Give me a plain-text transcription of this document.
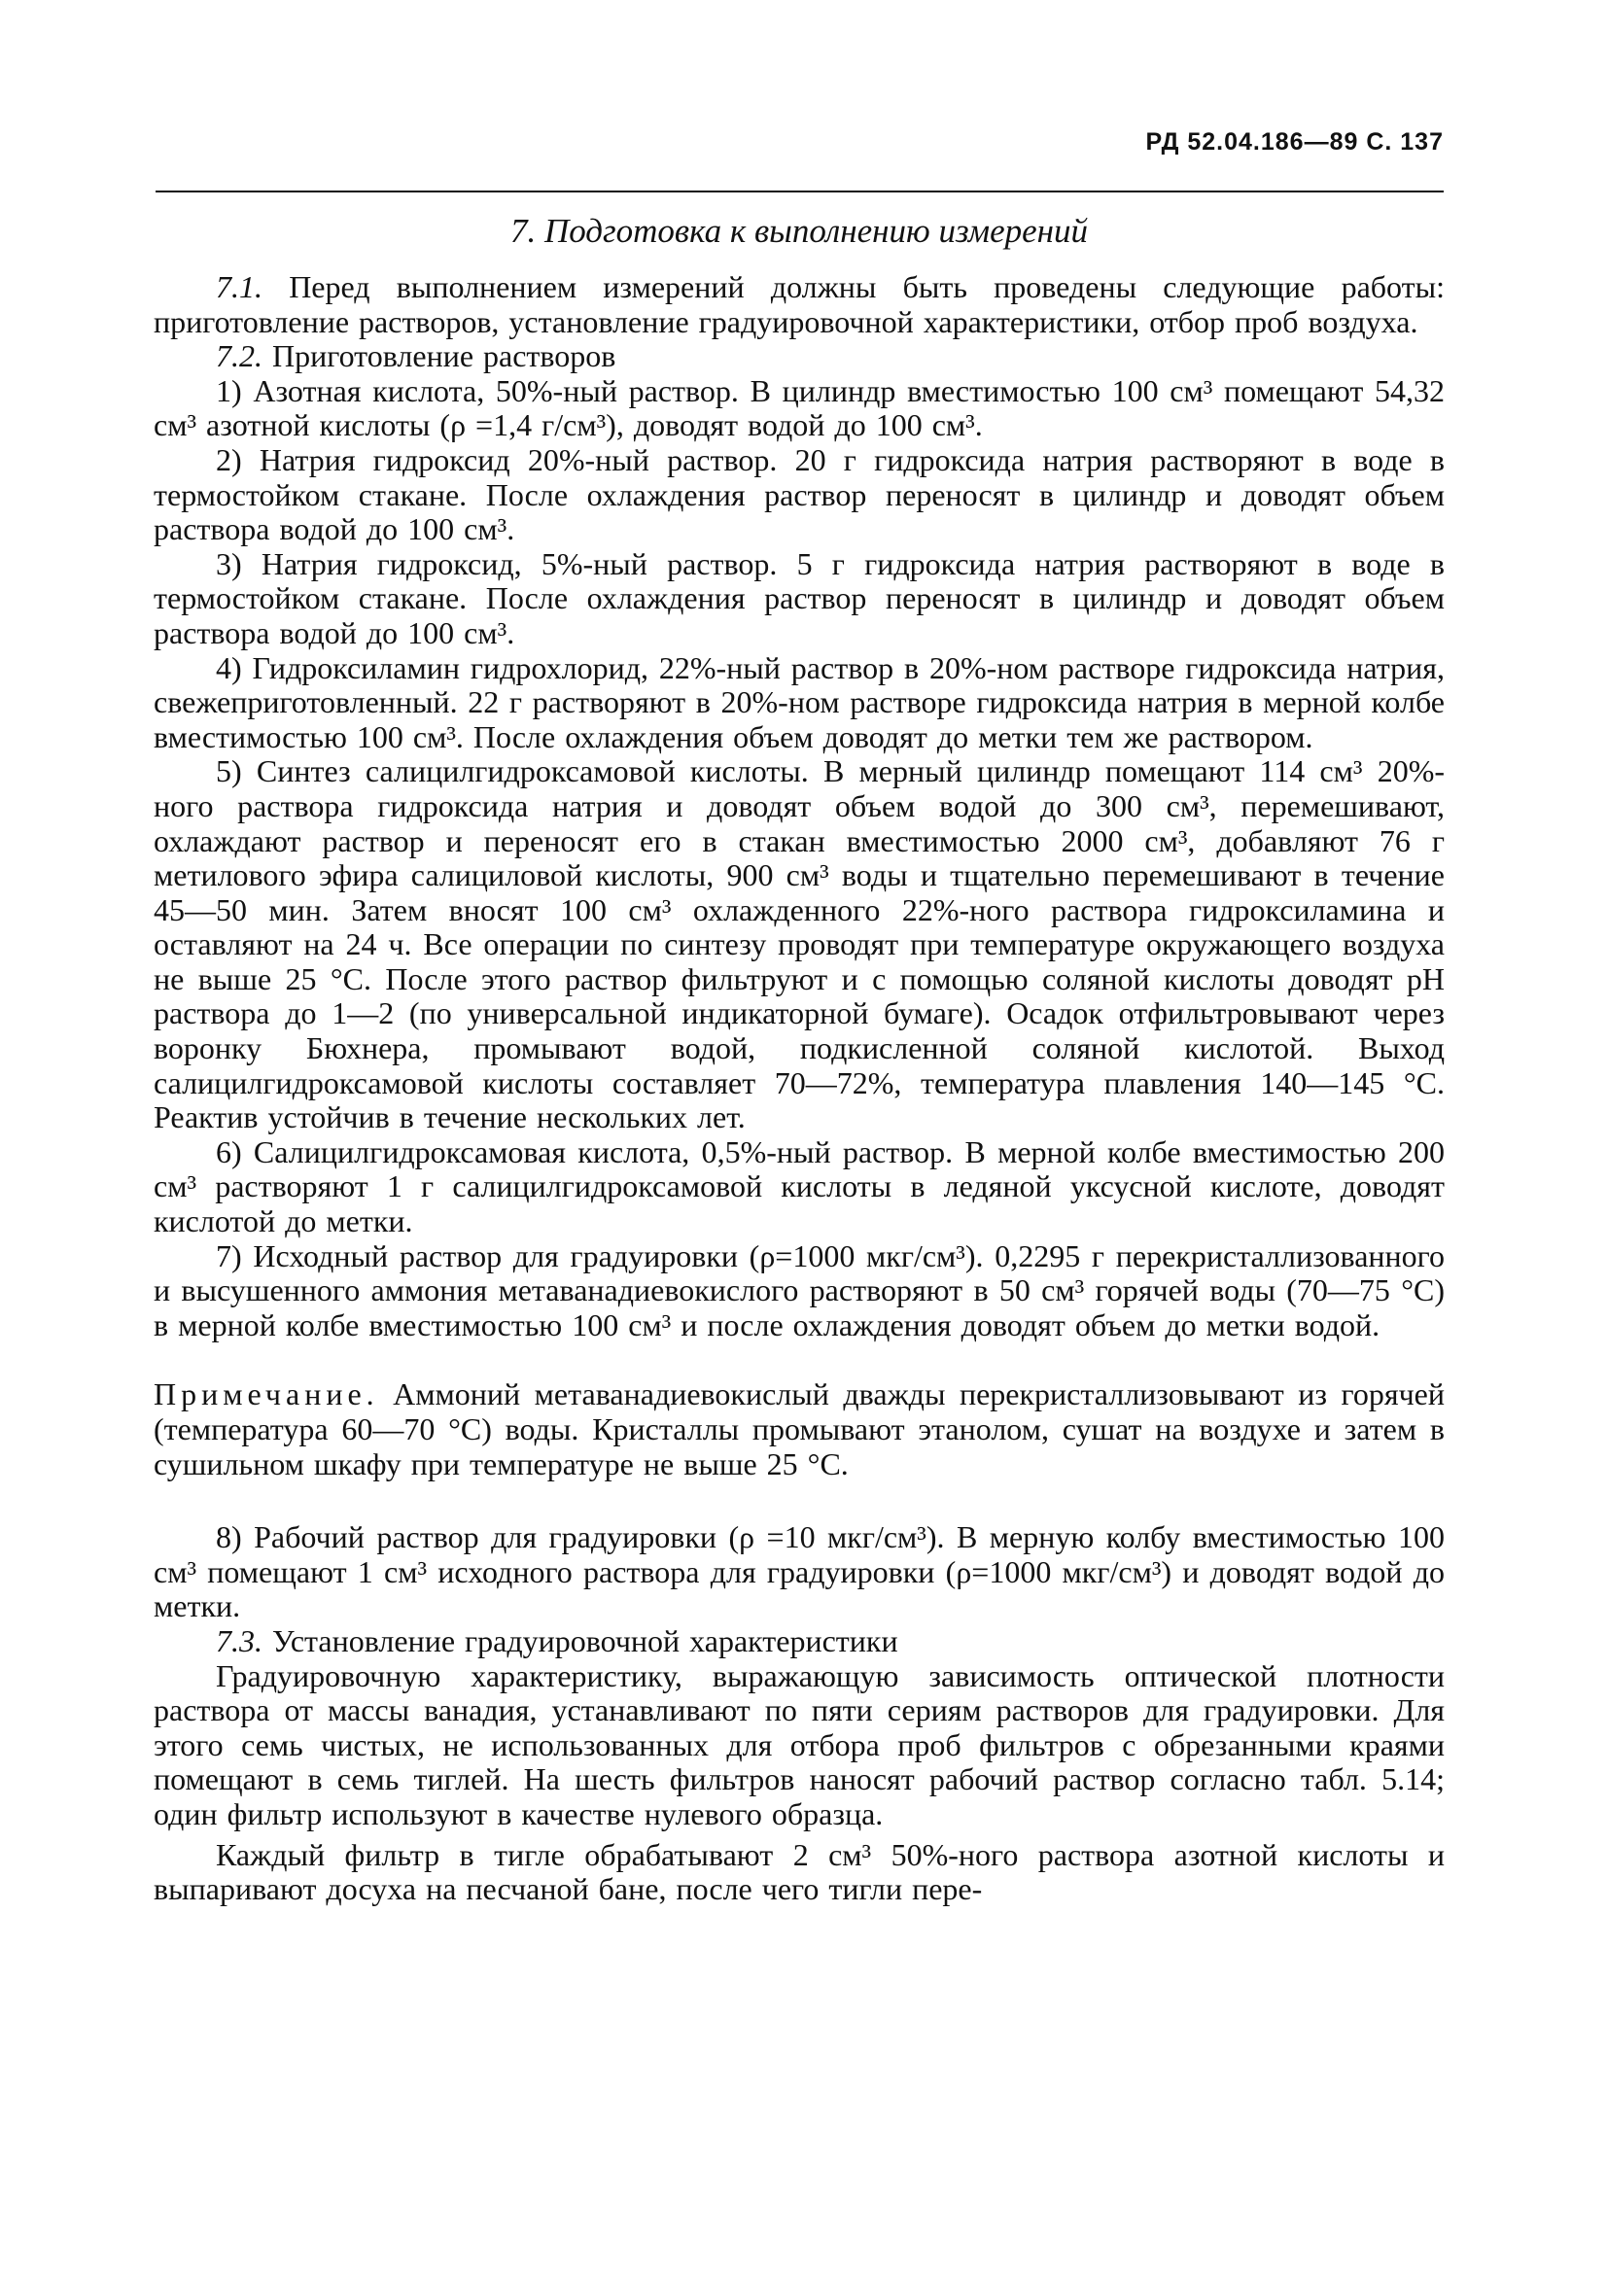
РД 52.04.186—89 С. 137
7. Подготовка к выполнению измерений

7.1. Перед выполнением измерений должны быть проведены следующие работы: приготовление растворов, установление градуировочной характеристики, отбор проб воздуха.

7.2. Приготовление растворов

1) Азотная кислота, 50%-ный раствор. В цилиндр вместимостью 100 см³ помещают 54,32 см³ азотной кислоты (ρ =1,4 г/см³), доводят водой до 100 см³.

2) Натрия гидроксид 20%-ный раствор. 20 г гидроксида натрия растворяют в воде в термостойком стакане. После охлаждения раствор переносят в цилиндр и доводят объем раствора водой до 100 см³.

3) Натрия гидроксид, 5%-ный раствор. 5 г гидроксида натрия растворяют в воде в термостойком стакане. После охлаждения раствор переносят в цилиндр и доводят объем раствора водой до 100 см³.

4) Гидроксиламин гидрохлорид, 22%-ный раствор в 20%-ном растворе гидроксида натрия, свежеприготовленный. 22 г растворяют в 20%-ном растворе гидроксида натрия в мерной колбе вместимостью 100 см³. После охлаждения объем доводят до метки тем же раствором.

5) Синтез салицилгидроксамовой кислоты. В мерный цилиндр помещают 114 см³ 20%-ного раствора гидроксида натрия и доводят объем водой до 300 см³, перемешивают, охлаждают раствор и переносят его в стакан вместимостью 2000 см³, добавляют 76 г метилового эфира салициловой кислоты, 900 см³ воды и тщательно перемешивают в течение 45—50 мин. Затем вносят 100 см³ охлажденного 22%-ного раствора гидроксиламина и оставляют на 24 ч. Все операции по синтезу проводят при температуре окружающего воздуха не выше 25 °С. После этого раствор фильтруют и с помощью соляной кислоты доводят pH раствора до 1—2 (по универсальной индикаторной бумаге). Осадок отфильтровывают через воронку Бюхнера, промывают водой, подкисленной соляной кислотой. Выход салицилгидроксамовой кислоты составляет 70—72%, температура плавления 140—145 °С. Реактив устойчив в течение нескольких лет.

6) Салицилгидроксамовая кислота, 0,5%-ный раствор. В мерной колбе вместимостью 200 см³ растворяют 1 г салицилгидроксамовой кислоты в ледяной уксусной кислоте, доводят кислотой до метки.

7) Исходный раствор для градуировки (ρ=1000 мкг/см³). 0,2295 г перекристаллизованного и высушенного аммония метаванадиевокислого растворяют в 50 см³ горячей воды (70—75 °С) в мерной колбе вместимостью 100 см³ и после охлаждения доводят объем до метки водой.

Примечание. Аммоний метаванадиевокислый дважды перекристаллизовывают из горячей (температура 60—70 °С) воды. Кристаллы промывают этанолом, сушат на воздухе и затем в сушильном шкафу при температуре не выше 25 °С.

8) Рабочий раствор для градуировки (ρ =10 мкг/см³). В мерную колбу вместимостью 100 см³ помещают 1 см³ исходного раствора для градуировки (ρ=1000 мкг/см³) и доводят водой до метки.

7.3. Установление градуировочной характеристики

Градуировочную характеристику, выражающую зависимость оптической плотности раствора от массы ванадия, устанавливают по пяти сериям растворов для градуировки. Для этого семь чистых, не использованных для отбора проб фильтров с обрезанными краями помещают в семь тиглей. На шесть фильтров наносят рабочий раствор согласно табл. 5.14; один фильтр используют в качестве нулевого образца.

Каждый фильтр в тигле обрабатывают 2 см³ 50%-ного раствора азотной кислоты и выпаривают досуха на песчаной бане, после чего тигли пере-
